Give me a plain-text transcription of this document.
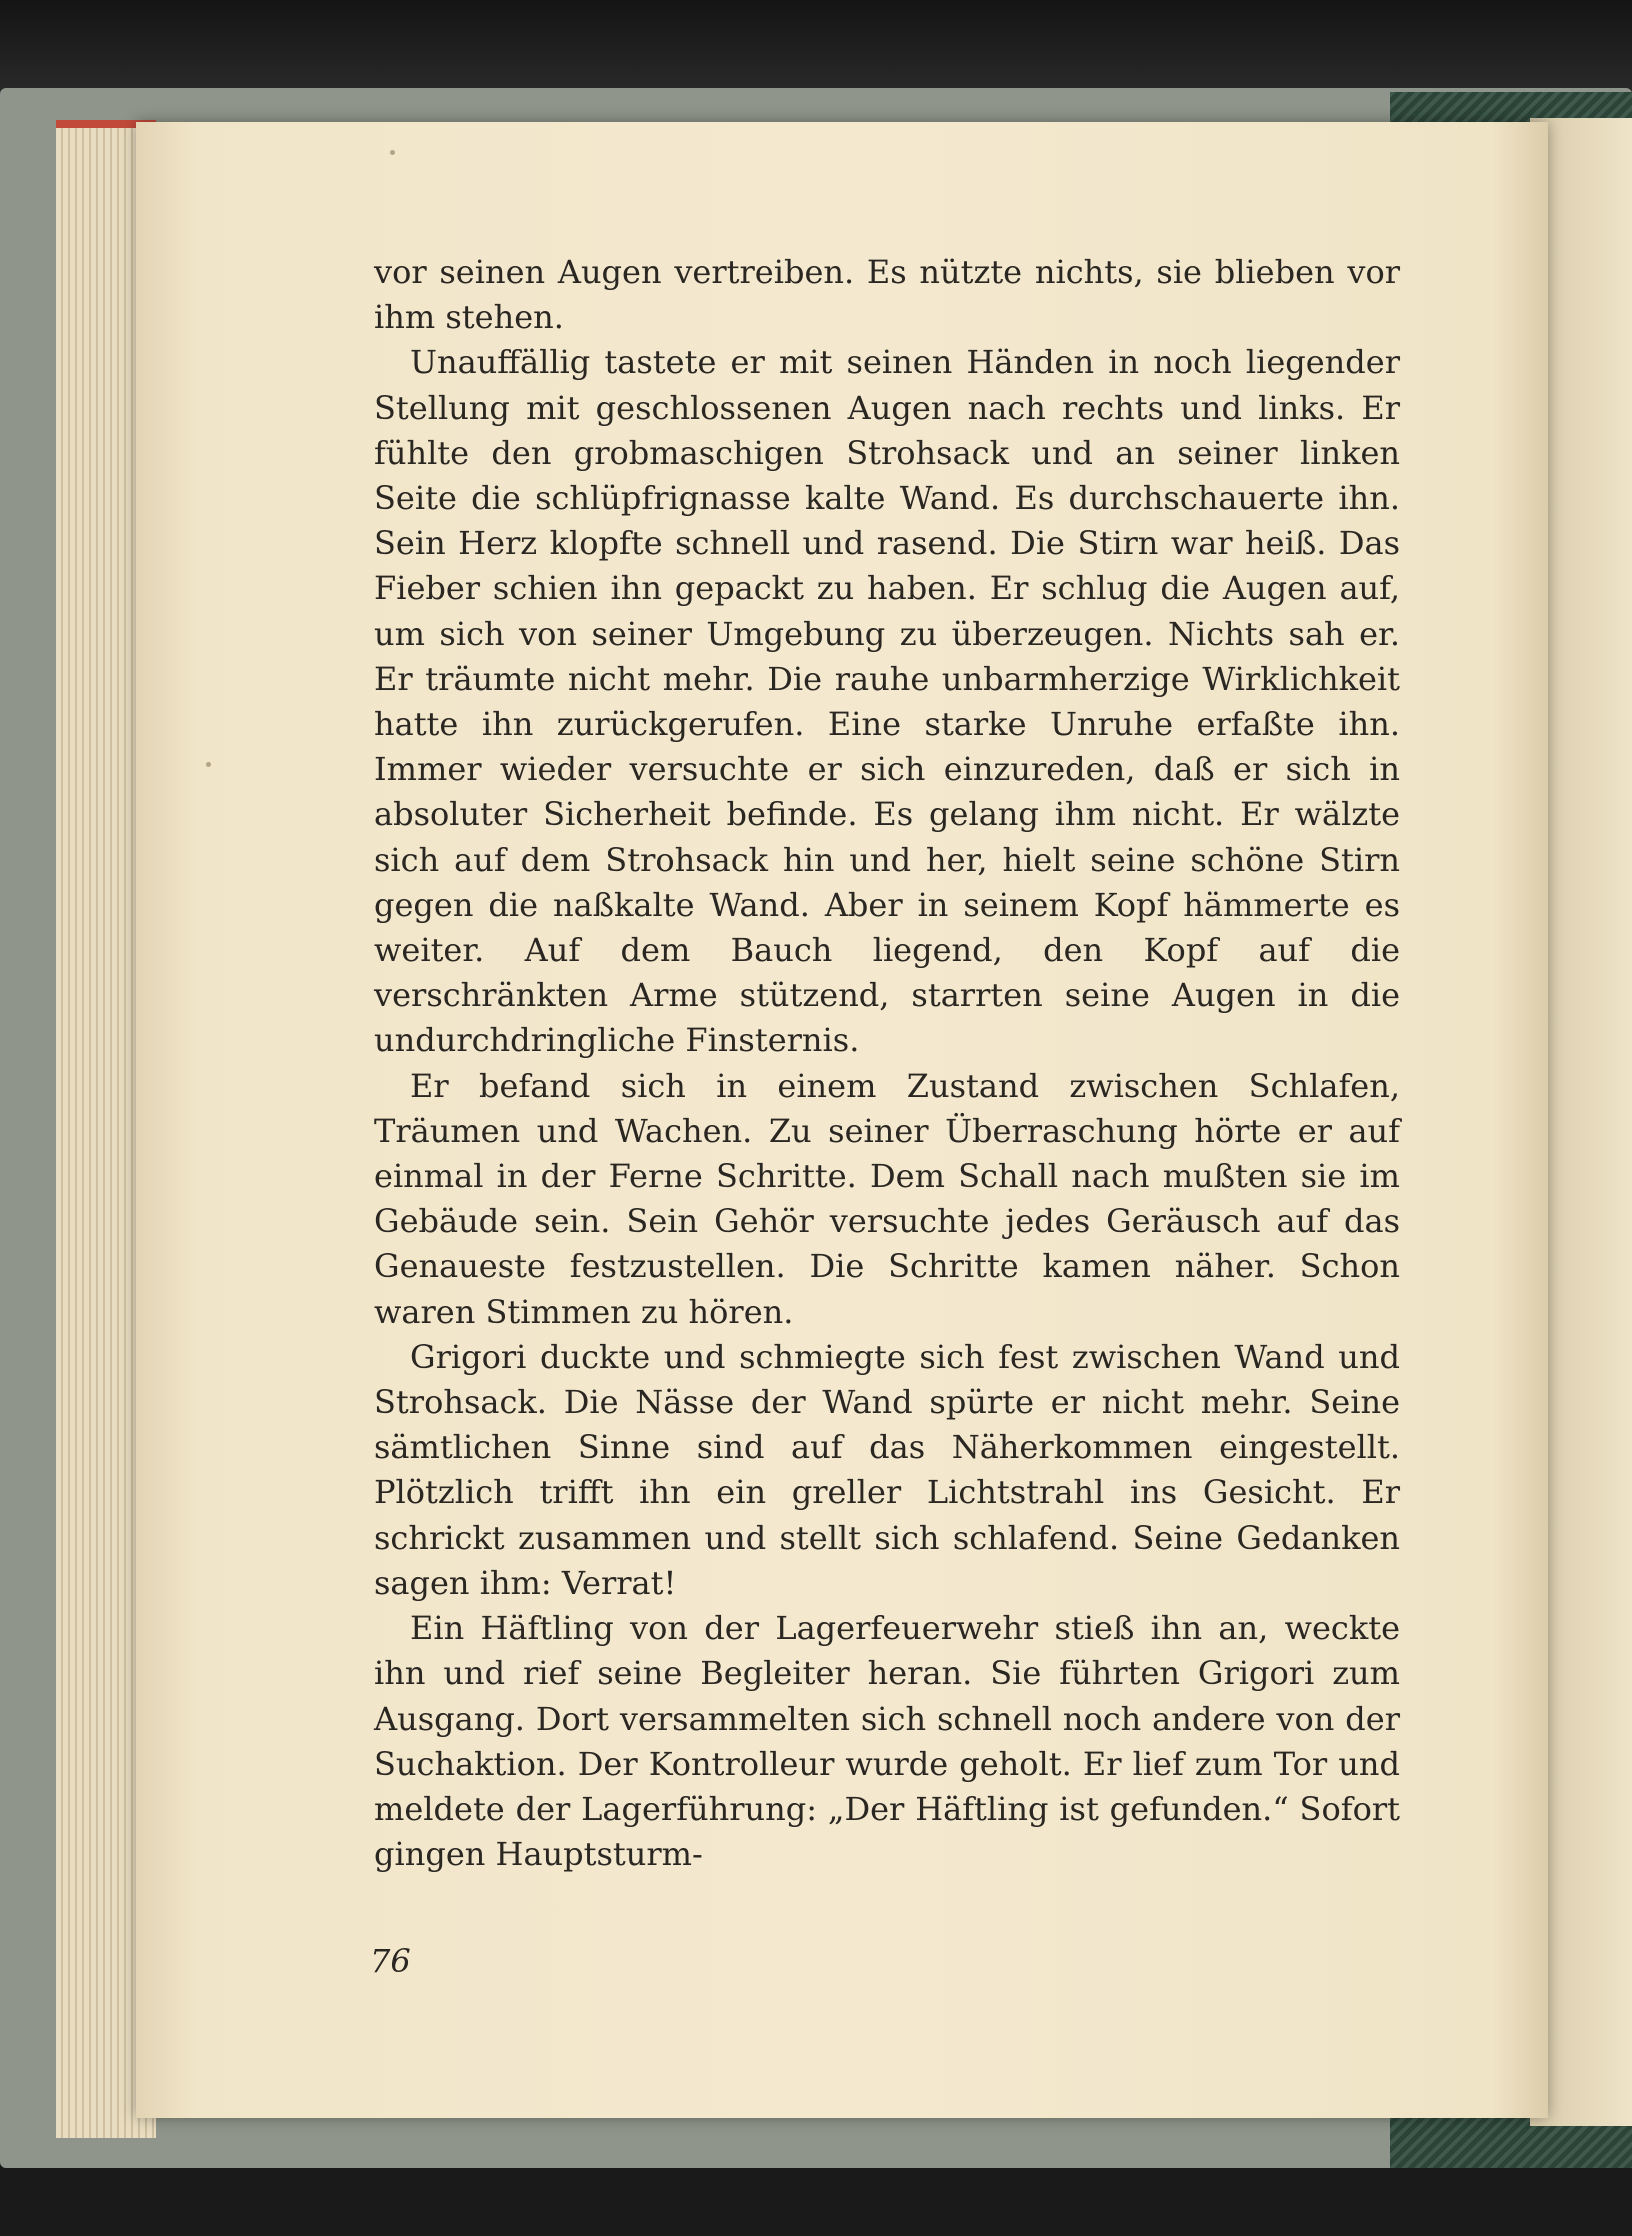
vor seinen Augen vertreiben. Es nützte nichts, sie blieben vor ihm stehen.

Unauffällig tastete er mit seinen Händen in noch liegender Stellung mit geschlossenen Augen nach rechts und links. Er fühlte den grobmaschigen Strohsack und an seiner linken Seite die schlüpfrignasse kalte Wand. Es durchschauerte ihn. Sein Herz klopfte schnell und rasend. Die Stirn war heiß. Das Fieber schien ihn gepackt zu haben. Er schlug die Augen auf, um sich von seiner Umgebung zu überzeugen. Nichts sah er. Er träumte nicht mehr. Die rauhe unbarmherzige Wirklichkeit hatte ihn zurückgerufen. Eine starke Unruhe erfaßte ihn. Immer wieder versuchte er sich einzureden, daß er sich in absoluter Sicherheit befinde. Es gelang ihm nicht. Er wälzte sich auf dem Strohsack hin und her, hielt seine schöne Stirn gegen die naßkalte Wand. Aber in seinem Kopf hämmerte es weiter. Auf dem Bauch liegend, den Kopf auf die verschränkten Arme stützend, starrten seine Augen in die undurchdringliche Finsternis.

Er befand sich in einem Zustand zwischen Schlafen, Träumen und Wachen. Zu seiner Überraschung hörte er auf einmal in der Ferne Schritte. Dem Schall nach mußten sie im Gebäude sein. Sein Gehör versuchte jedes Geräusch auf das Genaueste festzustellen. Die Schritte kamen näher. Schon waren Stimmen zu hören.

Grigori duckte und schmiegte sich fest zwischen Wand und Strohsack. Die Nässe der Wand spürte er nicht mehr. Seine sämtlichen Sinne sind auf das Näherkommen eingestellt. Plötzlich trifft ihn ein greller Lichtstrahl ins Gesicht. Er schrickt zusammen und stellt sich schlafend. Seine Gedanken sagen ihm: Verrat!

Ein Häftling von der Lagerfeuerwehr stieß ihn an, weckte ihn und rief seine Begleiter heran. Sie führten Grigori zum Ausgang. Dort versammelten sich schnell noch andere von der Suchaktion. Der Kontrolleur wurde geholt. Er lief zum Tor und meldete der Lagerführung: „Der Häftling ist gefunden.“ Sofort gingen Hauptsturm-

76
